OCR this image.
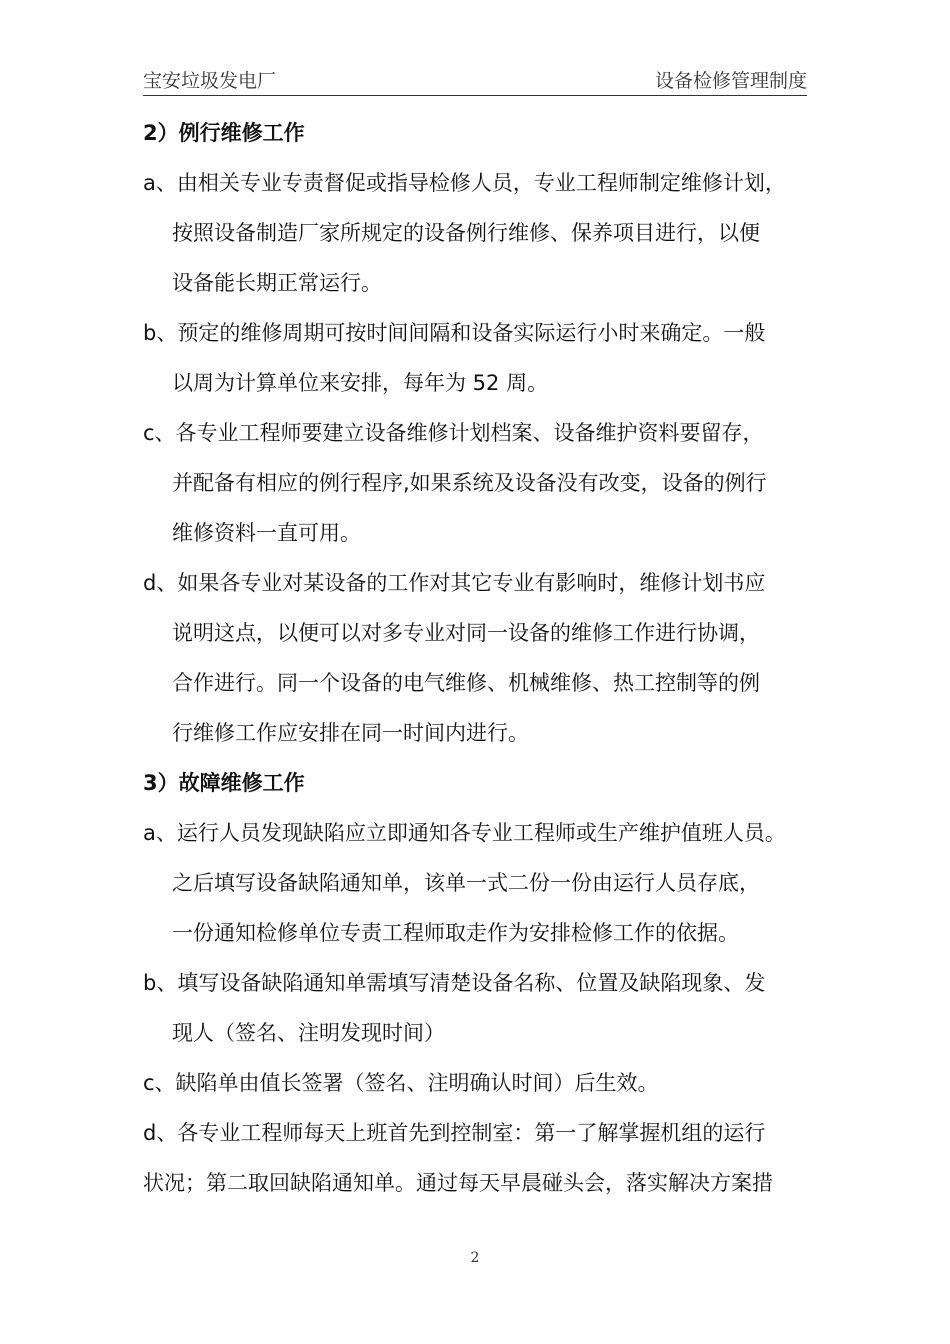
宝安垃圾发电厂	设备检修管理制度
2）例行维修工作
a、由相关专业专责督促或指导检修人员，专业工程师制定维修计划，
按照设备制造厂家所规定的设备例行维修、保养项目进行，以便
设备能长期正常运行。
b、预定的维修周期可按时间间隔和设备实际运行小时来确定。一般
以周为计算单位来安排，每年为 52 周。
c、各专业工程师要建立设备维修计划档案、设备维护资料要留存，
并配备有相应的例行程序,如果系统及设备没有改变，设备的例行
维修资料一直可用。
d、如果各专业对某设备的工作对其它专业有影响时，维修计划书应
说明这点，以便可以对多专业对同一设备的维修工作进行协调，
合作进行。同一个设备的电气维修、机械维修、热工控制等的例
行维修工作应安排在同一时间内进行。
3）故障维修工作
a、运行人员发现缺陷应立即通知各专业工程师或生产维护值班人员。
之后填写设备缺陷通知单，该单一式二份一份由运行人员存底，
一份通知检修单位专责工程师取走作为安排检修工作的依据。
b、填写设备缺陷通知单需填写清楚设备名称、位置及缺陷现象、发
现人（签名、注明发现时间）
c、缺陷单由值长签署（签名、注明确认时间）后生效。
d、各专业工程师每天上班首先到控制室：第一了解掌握机组的运行
状况；第二取回缺陷通知单。通过每天早晨碰头会，落实解决方案措
2
